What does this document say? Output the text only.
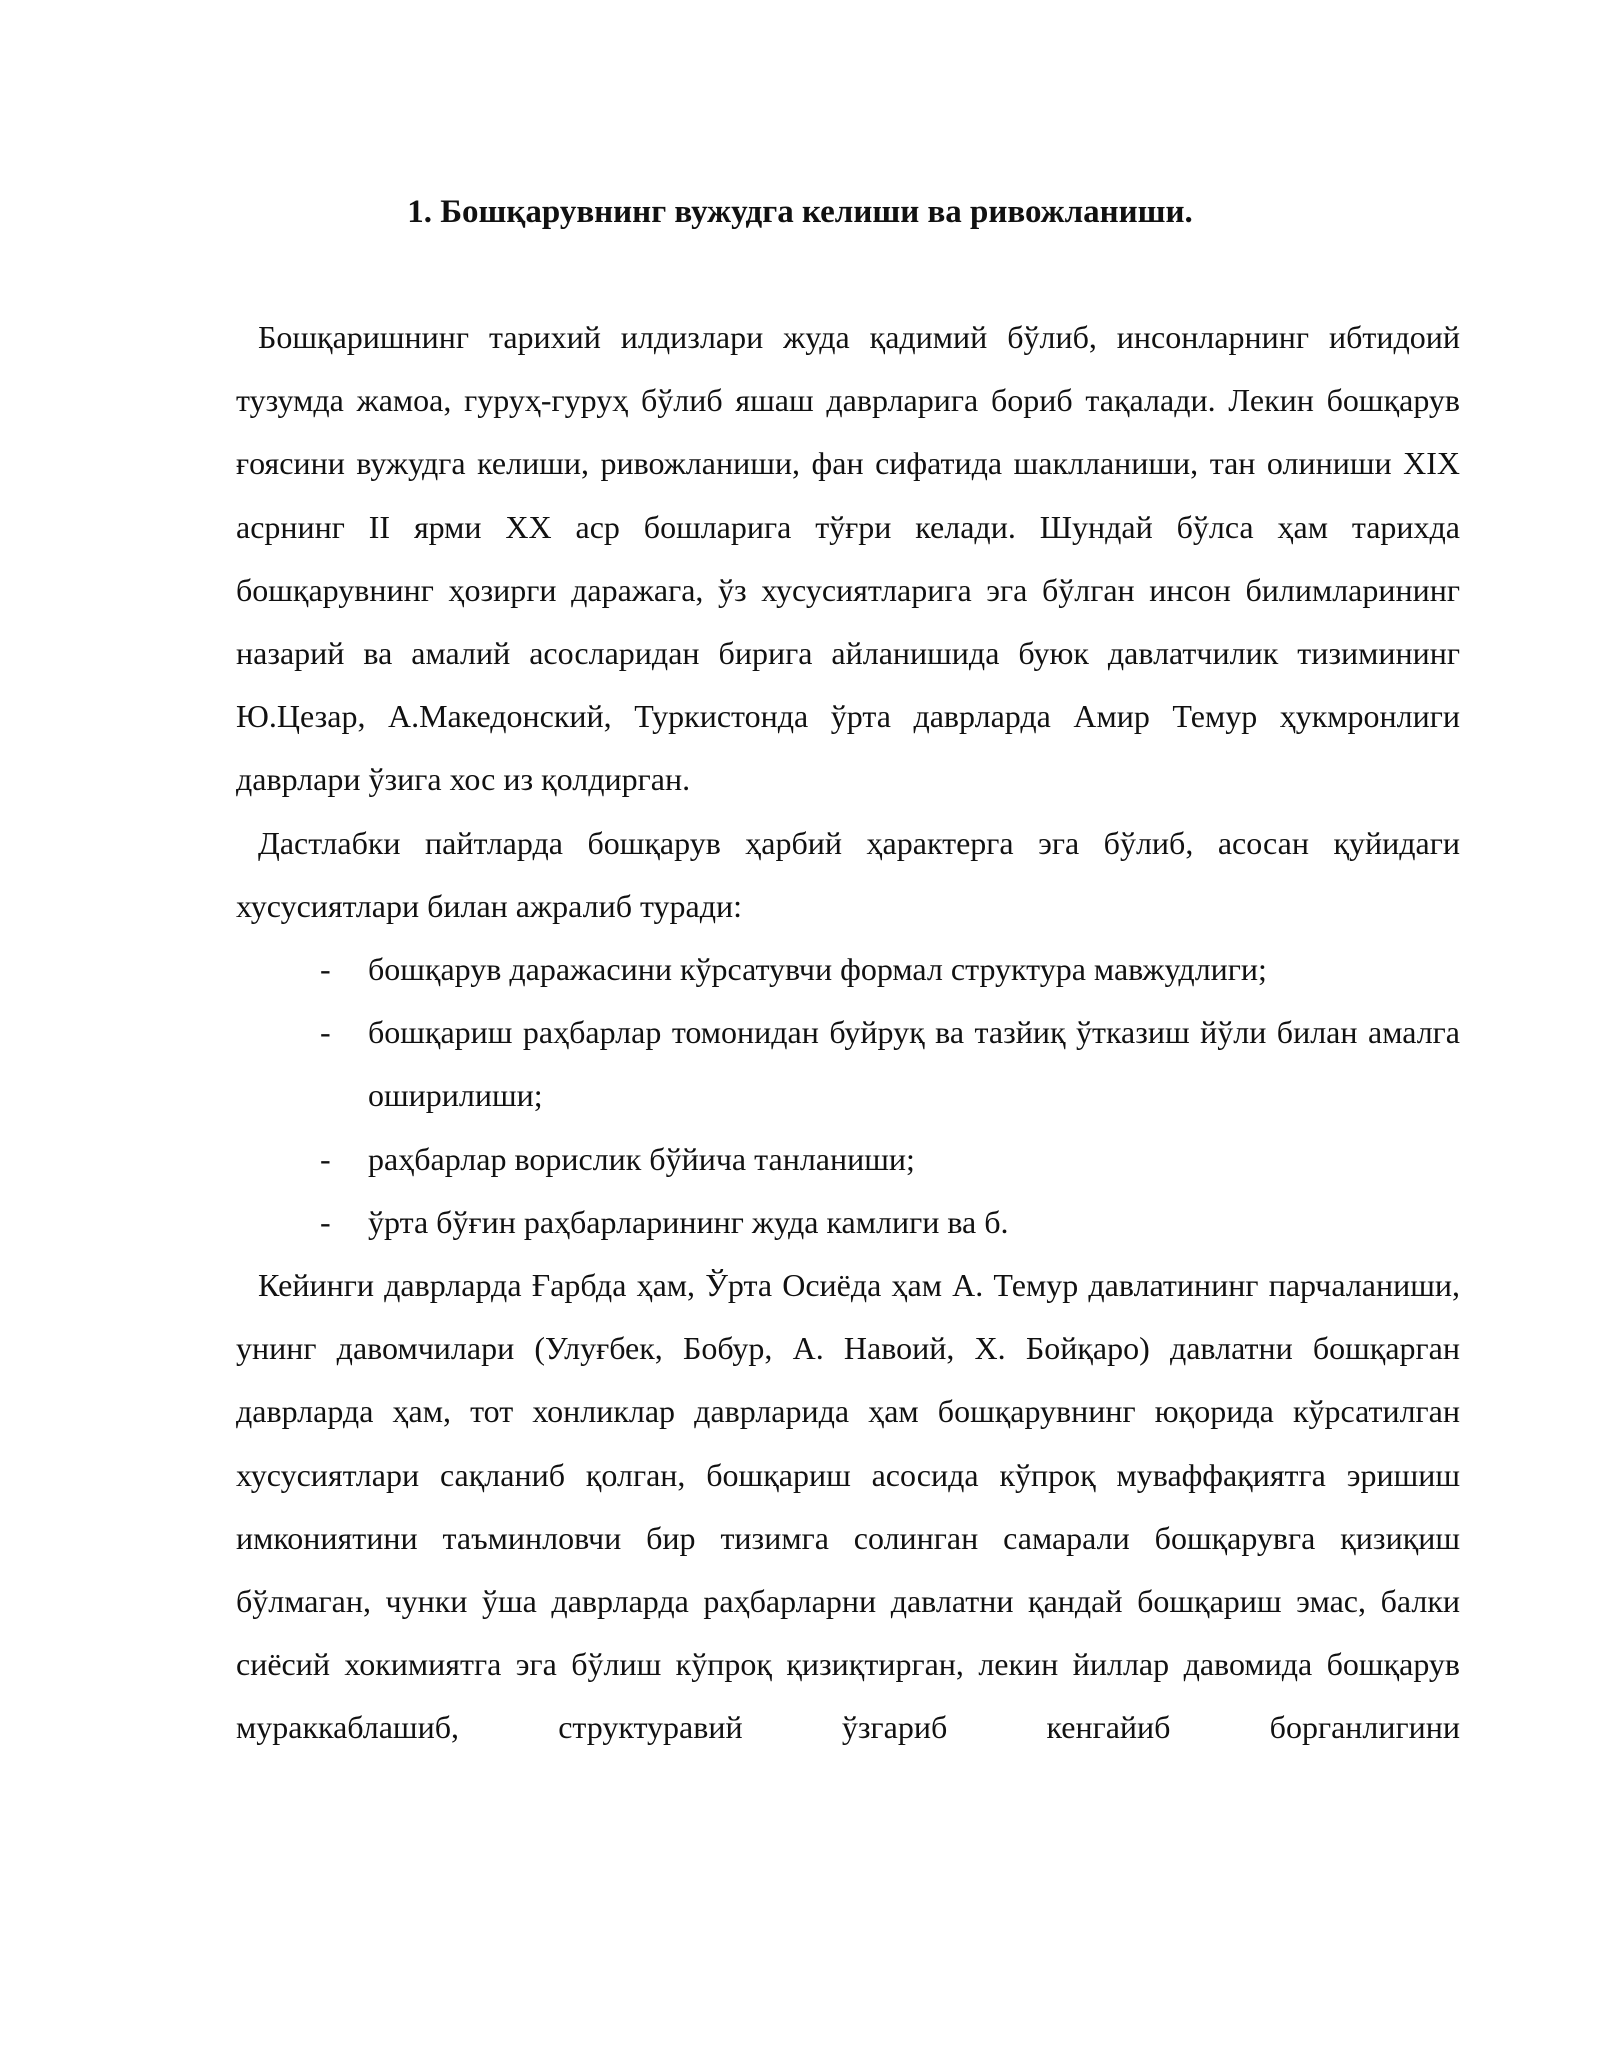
1. Бошқарувнинг вужудга келиши ва ривожланиши.

Бошқаришнинг тарихий илдизлари жуда қадимий бўлиб, инсонларнинг ибтидоий тузумда жамоа, гуруҳ-гуруҳ бўлиб яшаш даврларига бориб тақалади. Лекин бошқарув ғоясини вужудга келиши, ривожланиши, фан сифатида шаклланиши, тан олиниши XIX асрнинг II ярми XX аср бошларига тўғри келади. Шундай бўлса ҳам тарихда бошқарувнинг ҳозирги даражага, ўз хусусиятларига эга бўлган инсон билимларининг назарий ва амалий асосларидан бирига айланишида буюк давлатчилик тизимининг Ю.Цезар, А.Македонский, Туркистонда ўрта даврларда Амир Темур ҳукмронлиги даврлари ўзига хос из қолдирган.

Дастлабки пайтларда бошқарув ҳарбий ҳарактерга эга бўлиб, асосан қуйидаги хусусиятлари билан ажралиб туради:

- бошқарув даражасини кўрсатувчи формал структура мавжудлиги;
- бошқариш раҳбарлар томонидан буйруқ ва тазйиқ ўтказиш йўли билан амалга оширилиши;
- раҳбарлар ворислик бўйича танланиши;
- ўрта бўғин раҳбарларининг жуда камлиги ва б.

Кейинги даврларда Ғарбда ҳам, Ўрта Осиёда ҳам А. Темур давлатининг парчаланиши, унинг давомчилари (Улуғбек, Бобур, А. Навоий, Х. Бойқаро) давлатни бошқарган даврларда ҳам, тот хонликлар даврларида ҳам бошқарувнинг юқорида кўрсатилган хусусиятлари сақланиб қолган, бошқариш асосида кўпроқ муваффақиятга эришиш имкониятини таъминловчи бир тизимга солинган самарали бошқарувга қизиқиш бўлмаган, чунки ўша даврларда раҳбарларни давлатни қандай бошқариш эмас, балки сиёсий хокимиятга эга бўлиш кўпроқ қизиқтирган, лекин йиллар давомида бошқарув мураккаблашиб, структуравий ўзгариб кенгайиб борганлигини
